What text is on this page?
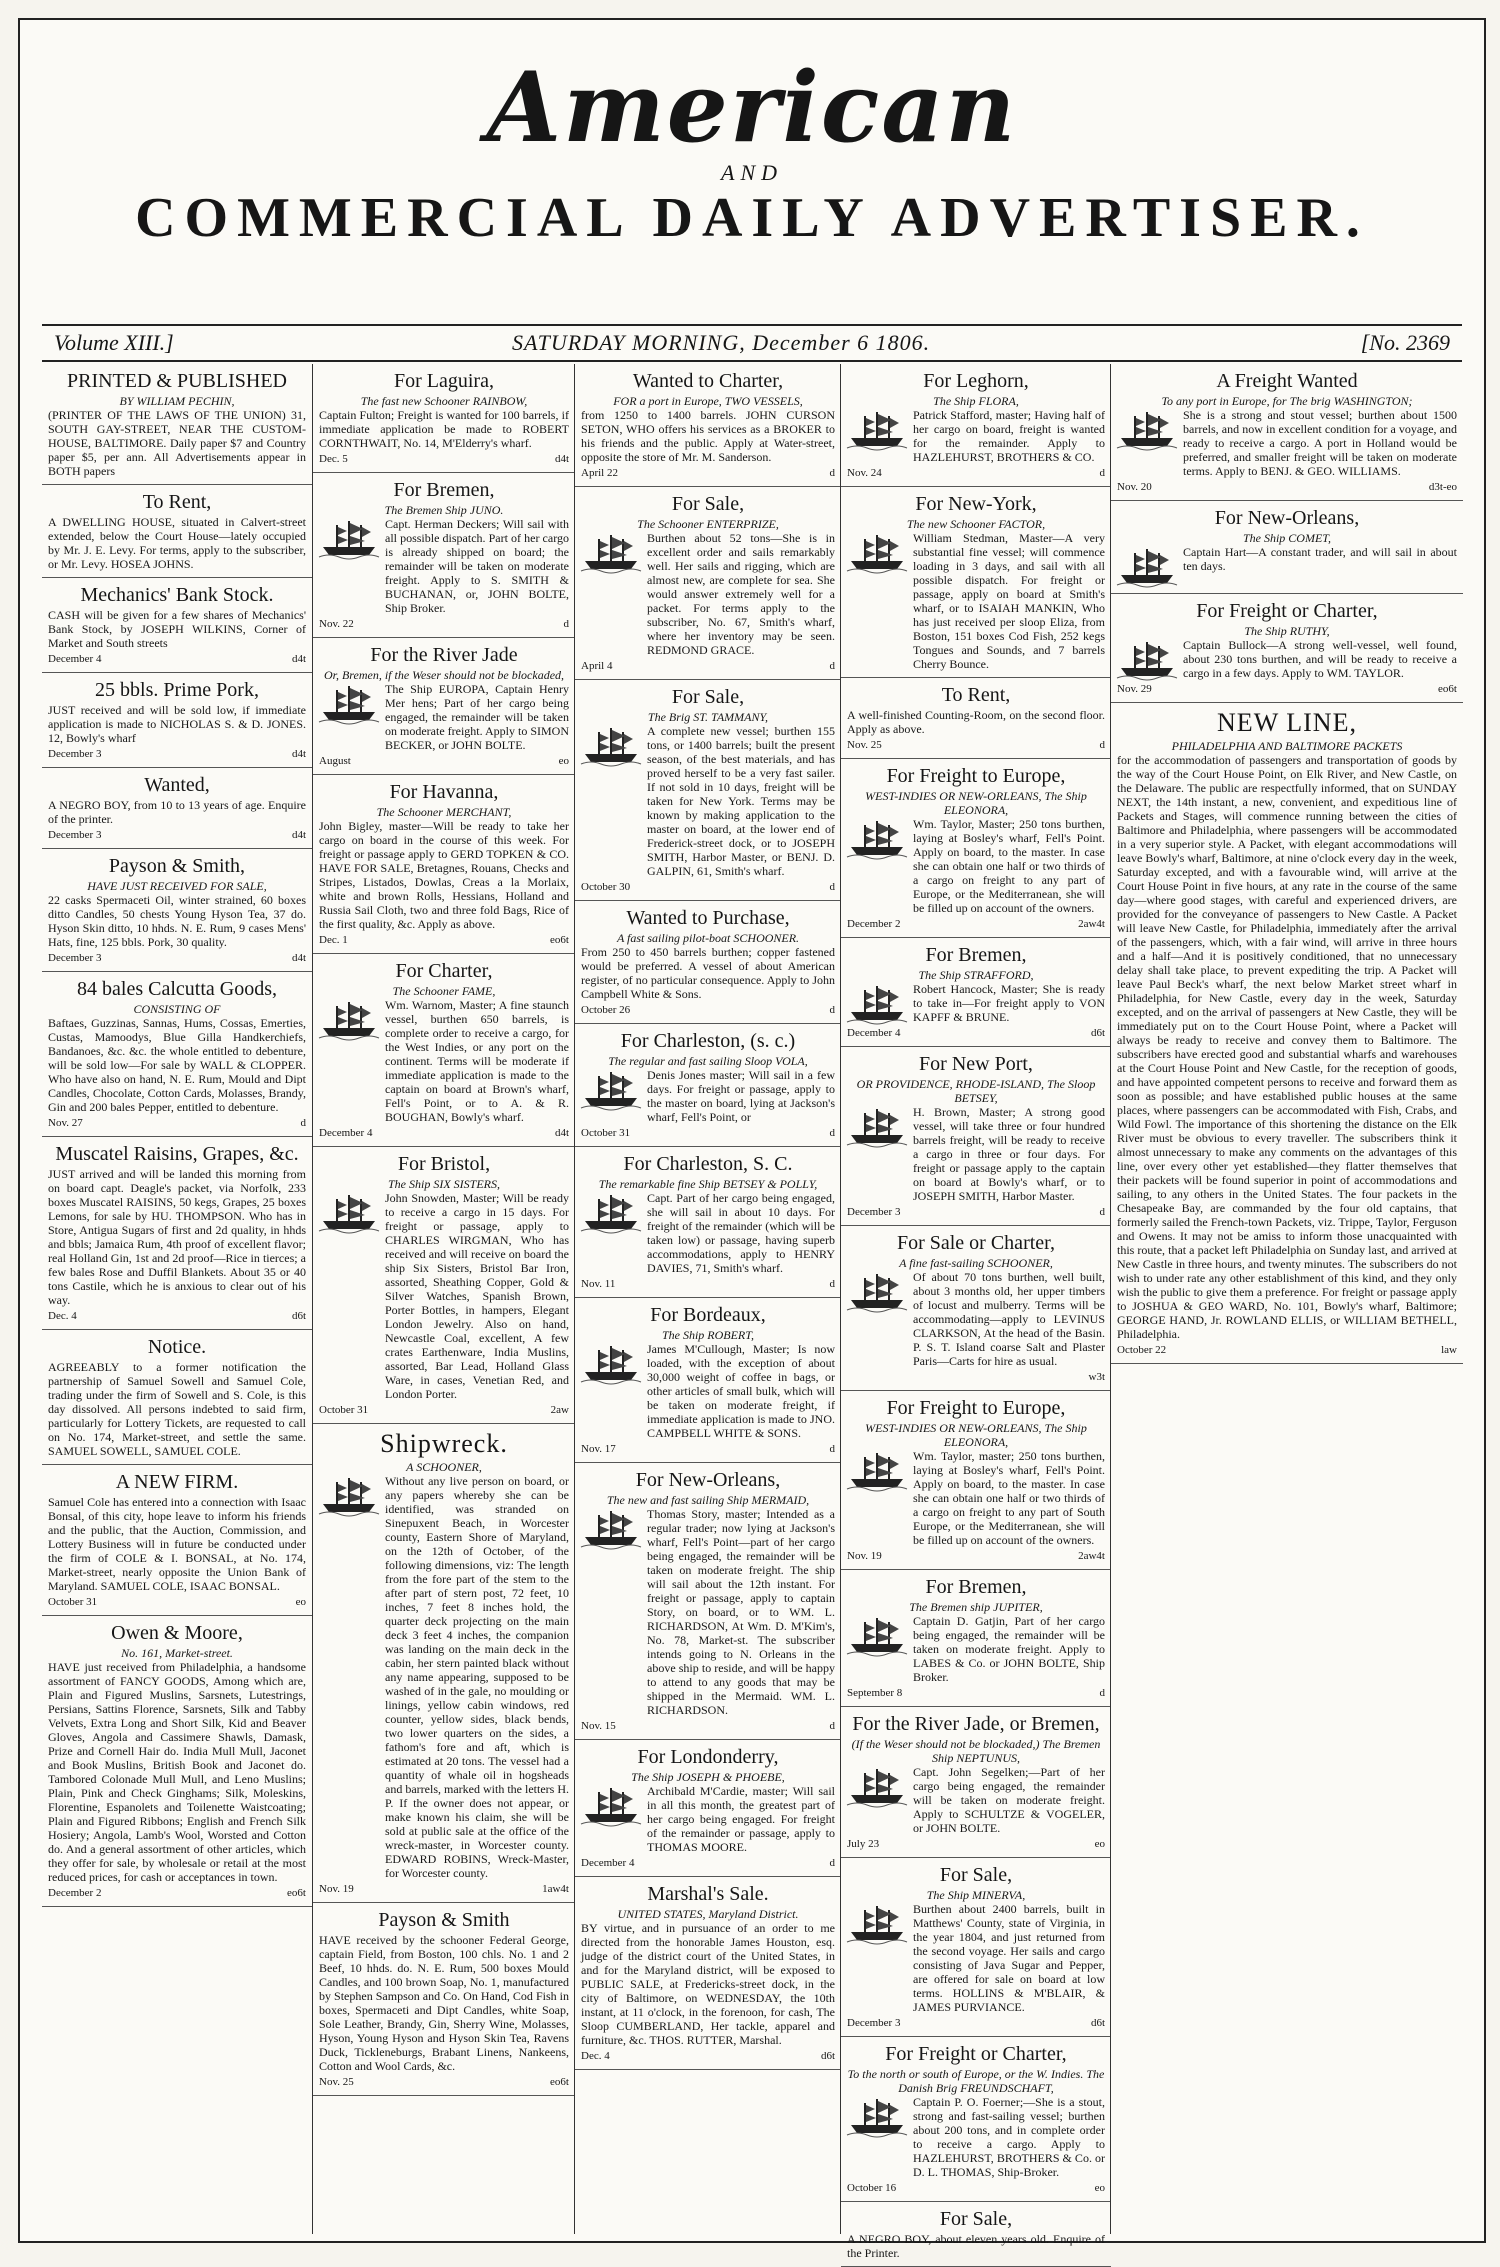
American
AND
COMMERCIAL DAILY ADVERTISER.
Volume XIII.]	SATURDAY MORNING, December 6 1806.	[No. 2369
PRINTED & PUBLISHED
BY WILLIAM PECHIN,
(PRINTER OF THE LAWS OF THE UNION) 31, SOUTH GAY-STREET, NEAR THE CUSTOM-HOUSE, BALTIMORE. Daily paper $7 and Country paper $5, per ann. All Advertisements appear in BOTH papers
To Rent,
A DWELLING HOUSE, situated in Calvert-street extended, below the Court House—lately occupied by Mr. J. E. Levy. For terms, apply to the subscriber, or Mr. Levy. HOSEA JOHNS.
Mechanics' Bank Stock.
CASH will be given for a few shares of Mechanics' Bank Stock, by JOSEPH WILKINS, Corner of Market and South streets
December 4	d4t
25 bbls. Prime Pork,
JUST received and will be sold low, if immediate application is made to NICHOLAS S. & D. JONES. 12, Bowly's wharf
December 3	d4t
Wanted,
A NEGRO BOY, from 10 to 13 years of age. Enquire of the printer.
December 3	d4t
Payson & Smith,
HAVE JUST RECEIVED FOR SALE,
22 casks Spermaceti Oil, winter strained, 60 boxes ditto Candles, 50 chests Young Hyson Tea, 37 do. Hyson Skin ditto, 10 hhds. N. E. Rum, 9 cases Mens' Hats, fine, 125 bbls. Pork, 30 quality.
December 3	d4t
84 bales Calcutta Goods,
CONSISTING OF
Baftaes, Guzzinas, Sannas, Hums, Cossas, Emerties, Custas, Mamoodys, Blue Gilla Handkerchiefs, Bandanoes, &c. &c. the whole entitled to debenture, will be sold low—For sale by WALL & CLOPPER. Who have also on hand, N. E. Rum, Mould and Dipt Candles, Chocolate, Cotton Cards, Molasses, Brandy, Gin and 200 bales Pepper, entitled to debenture.
Nov. 27	d
Muscatel Raisins, Grapes, &c.
JUST arrived and will be landed this morning from on board capt. Deagle's packet, via Norfolk, 233 boxes Muscatel RAISINS, 50 kegs, Grapes, 25 boxes Lemons, for sale by HU. THOMPSON. Who has in Store, Antigua Sugars of first and 2d quality, in hhds and bbls; Jamaica Rum, 4th proof of excellent flavor; real Holland Gin, 1st and 2d proof—Rice in tierces; a few bales Rose and Duffil Blankets. About 35 or 40 tons Castile, which he is anxious to clear out of his way.
Dec. 4	d6t
Notice.
AGREEABLY to a former notification the partnership of Samuel Sowell and Samuel Cole, trading under the firm of Sowell and S. Cole, is this day dissolved. All persons indebted to said firm, particularly for Lottery Tickets, are requested to call on No. 174, Market-street, and settle the same. SAMUEL SOWELL, SAMUEL COLE.
A NEW FIRM.
Samuel Cole has entered into a connection with Isaac Bonsal, of this city, hope leave to inform his friends and the public, that the Auction, Commission, and Lottery Business will in future be conducted under the firm of COLE & I. BONSAL, at No. 174, Market-street, nearly opposite the Union Bank of Maryland. SAMUEL COLE, ISAAC BONSAL.
October 31	eo
Owen & Moore,
No. 161, Market-street.
HAVE just received from Philadelphia, a handsome assortment of FANCY GOODS, Among which are, Plain and Figured Muslins, Sarsnets, Lutestrings, Persians, Sattins Florence, Sarsnets, Silk and Tabby Velvets, Extra Long and Short Silk, Kid and Beaver Gloves, Angola and Cassimere Shawls, Damask, Prize and Cornell Hair do. India Mull Mull, Jaconet and Book Muslins, British Book and Jaconet do. Tambored Colonade Mull Mull, and Leno Muslins; Plain, Pink and Check Ginghams; Silk, Moleskins, Florentine, Espanolets and Toilenette Waistcoating; Plain and Figured Ribbons; English and French Silk Hosiery; Angola, Lamb's Wool, Worsted and Cotton do. And a general assortment of other articles, which they offer for sale, by wholesale or retail at the most reduced prices, for cash or acceptances in town.
December 2	eo6t
For Laguira,
The fast new Schooner RAINBOW,
Captain Fulton; Freight is wanted for 100 barrels, if immediate application be made to ROBERT CORNTHWAIT, No. 14, M'Elderry's wharf.
Dec. 5	d4t
For Bremen,
The Bremen Ship JUNO.
Capt. Herman Deckers; Will sail with all possible dispatch. Part of her cargo is already shipped on board; the remainder will be taken on moderate freight. Apply to S. SMITH & BUCHANAN, or, JOHN BOLTE, Ship Broker.
Nov. 22	d
For the River Jade
Or, Bremen, if the Weser should not be blockaded,
The Ship EUROPA, Captain Henry Mer hens; Part of her cargo being engaged, the remainder will be taken on moderate freight. Apply to SIMON BECKER, or JOHN BOLTE.
August	eo
For Havanna,
The Schooner MERCHANT,
John Bigley, master—Will be ready to take her cargo on board in the course of this week. For freight or passage apply to GERD TOPKEN & CO. HAVE FOR SALE, Bretagnes, Rouans, Checks and Stripes, Listados, Dowlas, Creas a la Morlaix, white and brown Rolls, Hessians, Holland and Russia Sail Cloth, two and three fold Bags, Rice of the first quality, &c. Apply as above.
Dec. 1	eo6t
For Charter,
The Schooner FAME,
Wm. Warnom, Master; A fine staunch vessel, burthen 650 barrels, is complete order to receive a cargo, for the West Indies, or any port on the continent. Terms will be moderate if immediate application is made to the captain on board at Brown's wharf, Fell's Point, or to A. & R. BOUGHAN, Bowly's wharf.
December 4	d4t
For Bristol,
The Ship SIX SISTERS,
John Snowden, Master; Will be ready to receive a cargo in 15 days. For freight or passage, apply to CHARLES WIRGMAN, Who has received and will receive on board the ship Six Sisters, Bristol Bar Iron, assorted, Sheathing Copper, Gold & Silver Watches, Spanish Brown, Porter Bottles, in hampers, Elegant London Jewelry. Also on hand, Newcastle Coal, excellent, A few crates Earthenware, India Muslins, assorted, Bar Lead, Holland Glass Ware, in cases, Venetian Red, and London Porter.
October 31	2aw
Shipwreck.
A SCHOONER,
Without any live person on board, or any papers whereby she can be identified, was stranded on Sinepuxent Beach, in Worcester county, Eastern Shore of Maryland, on the 12th of October, of the following dimensions, viz: The length from the fore part of the stem to the after part of stern post, 72 feet, 10 inches, 7 feet 8 inches hold, the quarter deck projecting on the main deck 3 feet 4 inches, the companion was landing on the main deck in the cabin, her stern painted black without any name appearing, supposed to be washed of in the gale, no moulding or linings, yellow cabin windows, red counter, yellow sides, black bends, two lower quarters on the sides, a fathom's fore and aft, which is estimated at 20 tons. The vessel had a quantity of whale oil in hogsheads and barrels, marked with the letters H. P. If the owner does not appear, or make known his claim, she will be sold at public sale at the office of the wreck-master, in Worcester county. EDWARD ROBINS, Wreck-Master, for Worcester county.
Nov. 19	1aw4t
Payson & Smith
HAVE received by the schooner Federal George, captain Field, from Boston, 100 chls. No. 1 and 2 Beef, 10 hhds. do. N. E. Rum, 500 boxes Mould Candles, and 100 brown Soap, No. 1, manufactured by Stephen Sampson and Co. On Hand, Cod Fish in boxes, Spermaceti and Dipt Candles, white Soap, Sole Leather, Brandy, Gin, Sherry Wine, Molasses, Hyson, Young Hyson and Hyson Skin Tea, Ravens Duck, Tickleneburgs, Brabant Linens, Nankeens, Cotton and Wool Cards, &c.
Nov. 25	eo6t
Wanted to Charter,
FOR a port in Europe, TWO VESSELS,
from 1250 to 1400 barrels. JOHN CURSON SETON, WHO offers his services as a BROKER to his friends and the public. Apply at Water-street, opposite the store of Mr. M. Sanderson.
April 22	d
For Sale,
The Schooner ENTERPRIZE,
Burthen about 52 tons—She is in excellent order and sails remarkably well. Her sails and rigging, which are almost new, are complete for sea. She would answer extremely well for a packet. For terms apply to the subscriber, No. 67, Smith's wharf, where her inventory may be seen. REDMOND GRACE.
April 4	d
For Sale,
The Brig ST. TAMMANY,
A complete new vessel; burthen 155 tons, or 1400 barrels; built the present season, of the best materials, and has proved herself to be a very fast sailer. If not sold in 10 days, freight will be taken for New York. Terms may be known by making application to the master on board, at the lower end of Frederick-street dock, or to JOSEPH SMITH, Harbor Master, or BENJ. D. GALPIN, 61, Smith's wharf.
October 30	d
Wanted to Purchase,
A fast sailing pilot-boat SCHOONER.
From 250 to 450 barrels burthen; copper fastened would be preferred. A vessel of about American register, of no particular consequence. Apply to John Campbell White & Sons.
October 26	d
For Charleston, (s. c.)
The regular and fast sailing Sloop VOLA,
Denis Jones master; Will sail in a few days. For freight or passage, apply to the master on board, lying at Jackson's wharf, Fell's Point, or
October 31	d
For Charleston, S. C.
The remarkable fine Ship BETSEY & POLLY,
Capt. Part of her cargo being engaged, she will sail in about 10 days. For freight of the remainder (which will be taken low) or passage, having superb accommodations, apply to HENRY DAVIES, 71, Smith's wharf.
Nov. 11	d
For Bordeaux,
The Ship ROBERT,
James M'Cullough, Master; Is now loaded, with the exception of about 30,000 weight of coffee in bags, or other articles of small bulk, which will be taken on moderate freight, if immediate application is made to JNO. CAMPBELL WHITE & SONS.
Nov. 17	d
For New-Orleans,
The new and fast sailing Ship MERMAID,
Thomas Story, master; Intended as a regular trader; now lying at Jackson's wharf, Fell's Point—part of her cargo being engaged, the remainder will be taken on moderate freight. The ship will sail about the 12th instant. For freight or passage, apply to captain Story, on board, or to WM. L. RICHARDSON, At Wm. D. M'Kim's, No. 78, Market-st. The subscriber intends going to N. Orleans in the above ship to reside, and will be happy to attend to any goods that may be shipped in the Mermaid. WM. L. RICHARDSON.
Nov. 15	d
For Londonderry,
The Ship JOSEPH & PHOEBE,
Archibald M'Cardie, master; Will sail in all this month, the greatest part of her cargo being engaged. For freight of the remainder or passage, apply to THOMAS MOORE.
December 4	d
Marshal's Sale.
UNITED STATES, Maryland District.
BY virtue, and in pursuance of an order to me directed from the honorable James Houston, esq. judge of the district court of the United States, in and for the Maryland district, will be exposed to PUBLIC SALE, at Fredericks-street dock, in the city of Baltimore, on WEDNESDAY, the 10th instant, at 11 o'clock, in the forenoon, for cash, The Sloop CUMBERLAND, Her tackle, apparel and furniture, &c. THOS. RUTTER, Marshal.
Dec. 4	d6t
For Leghorn,
The Ship FLORA,
Patrick Stafford, master; Having half of her cargo on board, freight is wanted for the remainder. Apply to HAZLEHURST, BROTHERS & CO.
Nov. 24	d
For New-York,
The new Schooner FACTOR,
William Stedman, Master—A very substantial fine vessel; will commence loading in 3 days, and sail with all possible dispatch. For freight or passage, apply on board at Smith's wharf, or to ISAIAH MANKIN, Who has just received per sloop Eliza, from Boston, 151 boxes Cod Fish, 252 kegs Tongues and Sounds, and 7 barrels Cherry Bounce.
To Rent,
A well-finished Counting-Room, on the second floor. Apply as above.
Nov. 25	d
For Freight to Europe,
WEST-INDIES OR NEW-ORLEANS, The Ship ELEONORA,
Wm. Taylor, Master; 250 tons burthen, laying at Bosley's wharf, Fell's Point. Apply on board, to the master. In case she can obtain one half or two thirds of a cargo on freight to any part of Europe, or the Mediterranean, she will be filled up on account of the owners.
December 2	2aw4t
For Bremen,
The Ship STRAFFORD,
Robert Hancock, Master; She is ready to take in—For freight apply to VON KAPFF & BRUNE.
December 4	d6t
For New Port,
OR PROVIDENCE, RHODE-ISLAND, The Sloop BETSEY,
H. Brown, Master; A strong good vessel, will take three or four hundred barrels freight, will be ready to receive a cargo in three or four days. For freight or passage apply to the captain on board at Bowly's wharf, or to JOSEPH SMITH, Harbor Master.
December 3	d
For Sale or Charter,
A fine fast-sailing SCHOONER,
Of about 70 tons burthen, well built, about 3 months old, her upper timbers of locust and mulberry. Terms will be accommodating—apply to LEVINUS CLARKSON, At the head of the Basin. P. S. T. Island coarse Salt and Plaster Paris—Carts for hire as usual.
w3t
For Freight to Europe,
WEST-INDIES OR NEW-ORLEANS, The Ship ELEONORA,
Wm. Taylor, master; 250 tons burthen, laying at Bosley's wharf, Fell's Point. Apply on board, to the master. In case she can obtain one half or two thirds of a cargo on freight to any part of South Europe, or the Mediterranean, she will be filled up on account of the owners.
Nov. 19	2aw4t
For Bremen,
The Bremen ship JUPITER,
Captain D. Gatjin, Part of her cargo being engaged, the remainder will be taken on moderate freight. Apply to LABES & Co. or JOHN BOLTE, Ship Broker.
September 8	d
For the River Jade, or Bremen,
(If the Weser should not be blockaded,) The Bremen Ship NEPTUNUS,
Capt. John Segelken;—Part of her cargo being engaged, the remainder will be taken on moderate freight. Apply to SCHULTZE & VOGELER, or JOHN BOLTE.
July 23	eo
For Sale,
The Ship MINERVA,
Burthen about 2400 barrels, built in Matthews' County, state of Virginia, in the year 1804, and just returned from the second voyage. Her sails and cargo consisting of Java Sugar and Pepper, are offered for sale on board at low terms. HOLLINS & M'BLAIR, & JAMES PURVIANCE.
December 3	d6t
For Freight or Charter,
To the north or south of Europe, or the W. Indies. The Danish Brig FREUNDSCHAFT,
Captain P. O. Foerner;—She is a stout, strong and fast-sailing vessel; burthen about 200 tons, and in complete order to receive a cargo. Apply to HAZLEHURST, BROTHERS & Co. or D. L. THOMAS, Ship-Broker.
October 16	eo
For Sale,
A NEGRO BOY, about eleven years old. Enquire of the Printer.
A Freight Wanted
To any port in Europe, for The brig WASHINGTON;
She is a strong and stout vessel; burthen about 1500 barrels, and now in excellent condition for a voyage, and ready to receive a cargo. A port in Holland would be preferred, and smaller freight will be taken on moderate terms. Apply to BENJ. & GEO. WILLIAMS.
Nov. 20	d3t-eo
For New-Orleans,
The Ship COMET,
Captain Hart—A constant trader, and will sail in about ten days.
For Freight or Charter,
The Ship RUTHY,
Captain Bullock—A strong well-vessel, well found, about 230 tons burthen, and will be ready to receive a cargo in a few days. Apply to WM. TAYLOR.
Nov. 29	eo6t
NEW LINE,
PHILADELPHIA AND BALTIMORE PACKETS
for the accommodation of passengers and transportation of goods by the way of the Court House Point, on Elk River, and New Castle, on the Delaware. The public are respectfully informed, that on SUNDAY NEXT, the 14th instant, a new, convenient, and expeditious line of Packets and Stages, will commence running between the cities of Baltimore and Philadelphia, where passengers will be accommodated in a very superior style. A Packet, with elegant accommodations will leave Bowly's wharf, Baltimore, at nine o'clock every day in the week, Saturday excepted, and with a favourable wind, will arrive at the Court House Point in five hours, at any rate in the course of the same day—where good stages, with careful and experienced drivers, are provided for the conveyance of passengers to New Castle. A Packet will leave New Castle, for Philadelphia, immediately after the arrival of the passengers, which, with a fair wind, will arrive in three hours and a half—And it is positively conditioned, that no unnecessary delay shall take place, to prevent expediting the trip. A Packet will leave Paul Beck's wharf, the next below Market street wharf in Philadelphia, for New Castle, every day in the week, Saturday excepted, and on the arrival of passengers at New Castle, they will be immediately put on to the Court House Point, where a Packet will always be ready to receive and convey them to Baltimore. The subscribers have erected good and substantial wharfs and warehouses at the Court House Point and New Castle, for the reception of goods, and have appointed competent persons to receive and forward them as soon as possible; and have established public houses at the same places, where passengers can be accommodated with Fish, Crabs, and Wild Fowl. The importance of this shortening the distance on the Elk River must be obvious to every traveller. The subscribers think it almost unnecessary to make any comments on the advantages of this line, over every other yet established—they flatter themselves that their packets will be found superior in point of accommodations and sailing, to any others in the United States. The four packets in the Chesapeake Bay, are commanded by the four old captains, that formerly sailed the French-town Packets, viz. Trippe, Taylor, Ferguson and Owens. It may not be amiss to inform those unacquainted with this route, that a packet left Philadelphia on Sunday last, and arrived at New Castle in three hours, and twenty minutes. The subscribers do not wish to under rate any other establishment of this kind, and they only wish the public to give them a preference. For freight or passage apply to JOSHUA & GEO WARD, No. 101, Bowly's wharf, Baltimore; GEORGE HAND, Jr. ROWLAND ELLIS, or WILLIAM BETHELL, Philadelphia.
October 22	law
